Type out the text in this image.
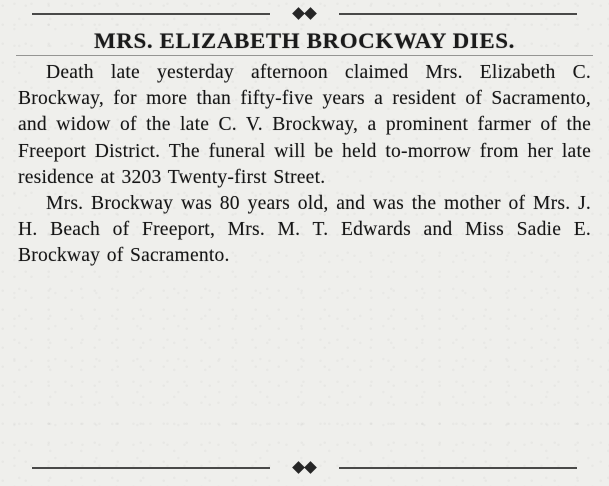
MRS. ELIZABETH BROCKWAY DIES.

Death late yesterday afternoon claimed Mrs. Elizabeth C. Brockway, for more than fifty-five years a resident of Sacramento, and widow of the late C. V. Brockway, a prominent farmer of the Freeport District. The funeral will be held to-morrow from her late residence at 3203 Twenty-first Street.

Mrs. Brockway was 80 years old, and was the mother of Mrs. J. H. Beach of Freeport, Mrs. M. T. Edwards and Miss Sadie E. Brockway of Sacramento.
